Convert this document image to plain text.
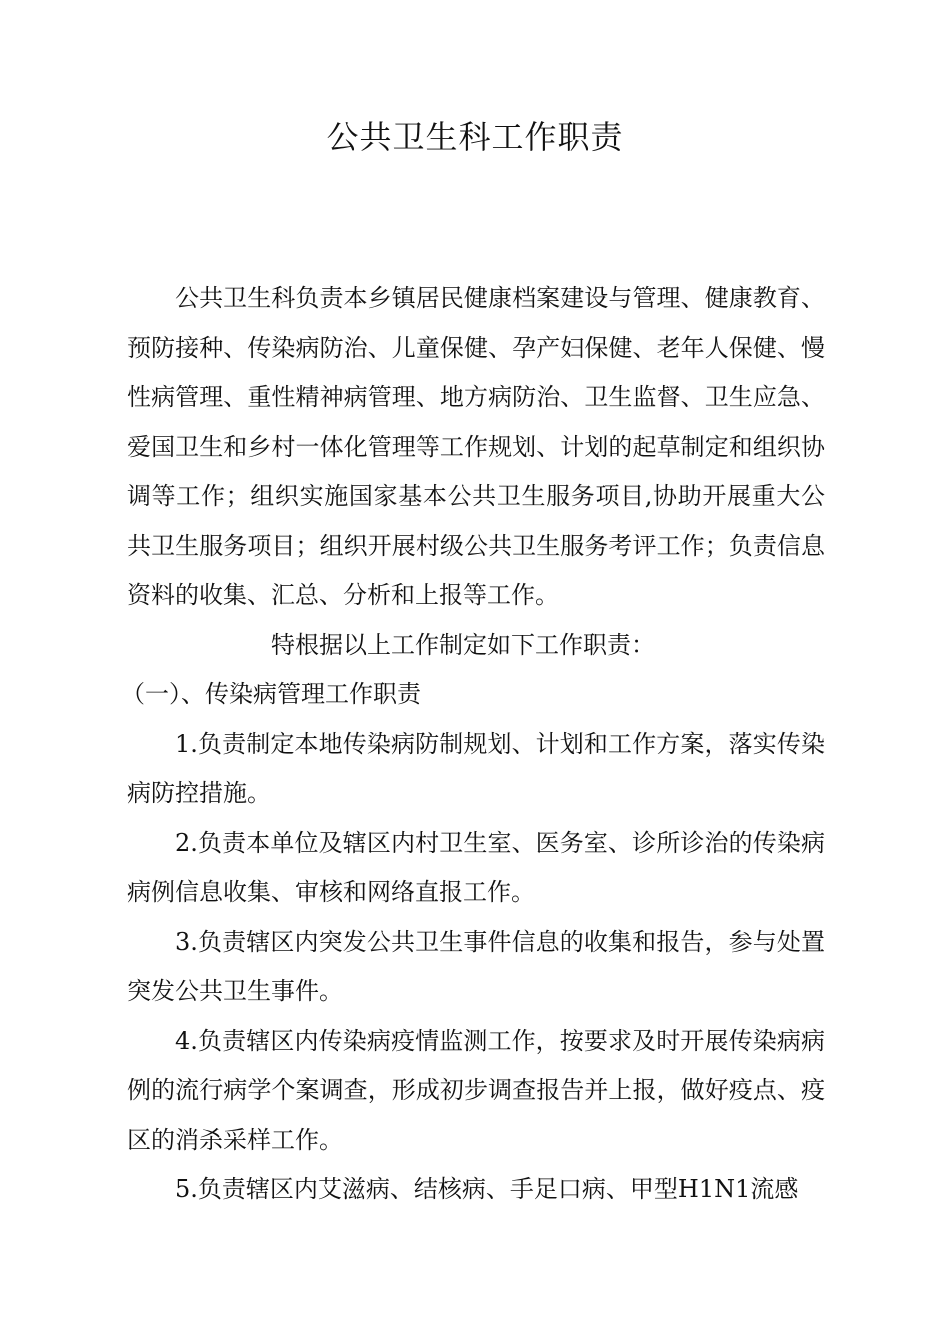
公共卫生科工作职责

公共卫生科负责本乡镇居民健康档案建设与管理、健康教育、预防接种、传染病防治、儿童保健、孕产妇保健、老年人保健、慢性病管理、重性精神病管理、地方病防治、卫生监督、卫生应急、爱国卫生和乡村一体化管理等工作规划、计划的起草制定和组织协调等工作；组织实施国家基本公共卫生服务项目,协助开展重大公共卫生服务项目；组织开展村级公共卫生服务考评工作；负责信息资料的收集、汇总、分析和上报等工作。

特根据以上工作制定如下工作职责：

（一）、传染病管理工作职责

1.负责制定本地传染病防制规划、计划和工作方案，落实传染病防控措施。

2.负责本单位及辖区内村卫生室、医务室、诊所诊治的传染病病例信息收集、审核和网络直报工作。

3.负责辖区内突发公共卫生事件信息的收集和报告，参与处置突发公共卫生事件。

4.负责辖区内传染病疫情监测工作，按要求及时开展传染病病例的流行病学个案调查，形成初步调查报告并上报，做好疫点、疫区的消杀采样工作。

5.负责辖区内艾滋病、结核病、手足口病、甲型H1N1流感
